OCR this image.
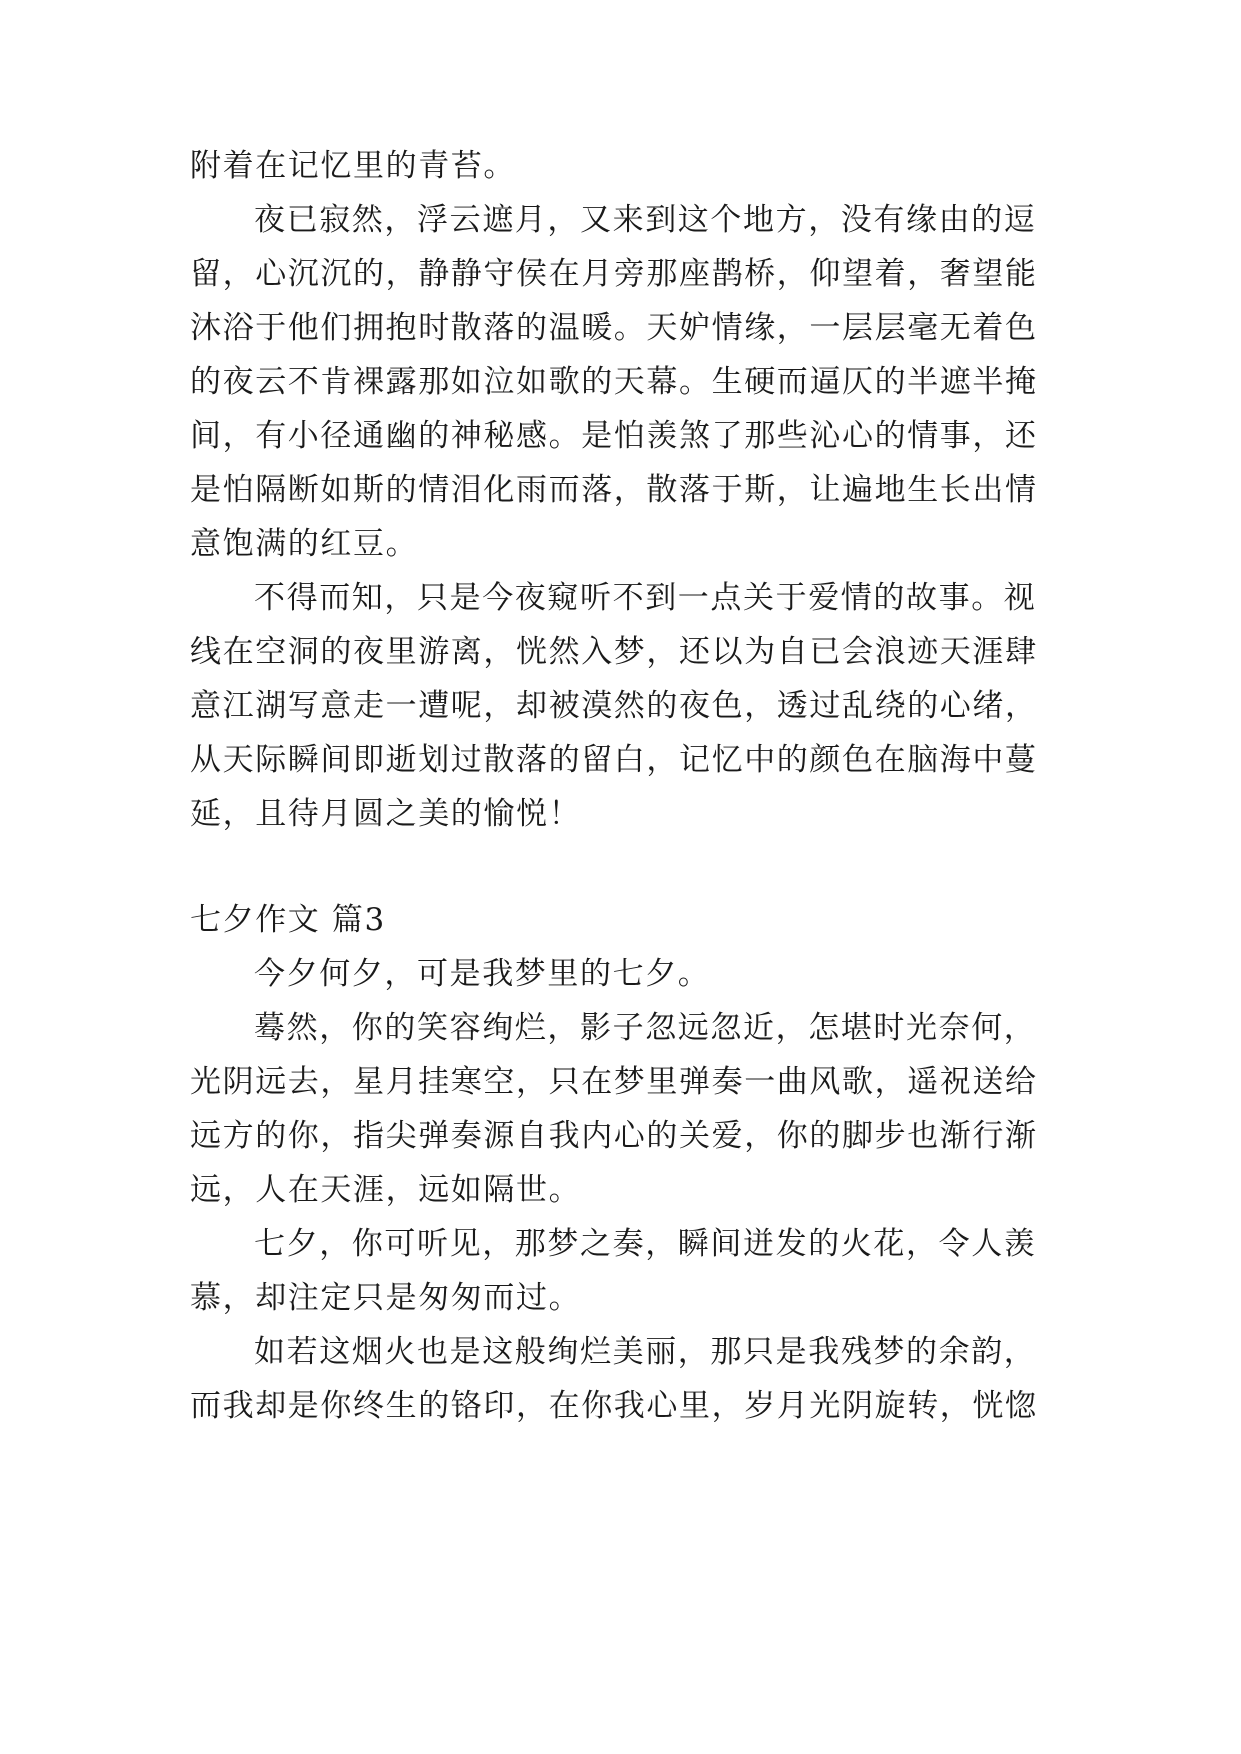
附着在记忆里的青苔。
夜已寂然，浮云遮月，又来到这个地方，没有缘由的逗
留，心沉沉的，静静守侯在月旁那座鹊桥，仰望着，奢望能
沐浴于他们拥抱时散落的温暖。天妒情缘，一层层毫无着色
的夜云不肯裸露那如泣如歌的天幕。生硬而逼仄的半遮半掩
间，有小径通幽的神秘感。是怕羡煞了那些沁心的情事，还
是怕隔断如斯的情泪化雨而落，散落于斯，让遍地生长出情
意饱满的红豆。
不得而知，只是今夜窥听不到一点关于爱情的故事。视
线在空洞的夜里游离，恍然入梦，还以为自已会浪迹天涯肆
意江湖写意走一遭呢，却被漠然的夜色，透过乱绕的心绪，
从天际瞬间即逝划过散落的留白，记忆中的颜色在脑海中蔓
延，且待月圆之美的愉悦！
七夕作文 篇3
今夕何夕，可是我梦里的七夕。
蓦然，你的笑容绚烂，影子忽远忽近，怎堪时光奈何，
光阴远去，星月挂寒空，只在梦里弹奏一曲风歌，遥祝送给
远方的你，指尖弹奏源自我内心的关爱，你的脚步也渐行渐
远，人在天涯，远如隔世。
七夕，你可听见，那梦之奏，瞬间迸发的火花，令人羡
慕，却注定只是匆匆而过。
如若这烟火也是这般绚烂美丽，那只是我残梦的余韵，
而我却是你终生的铬印，在你我心里，岁月光阴旋转，恍惚
